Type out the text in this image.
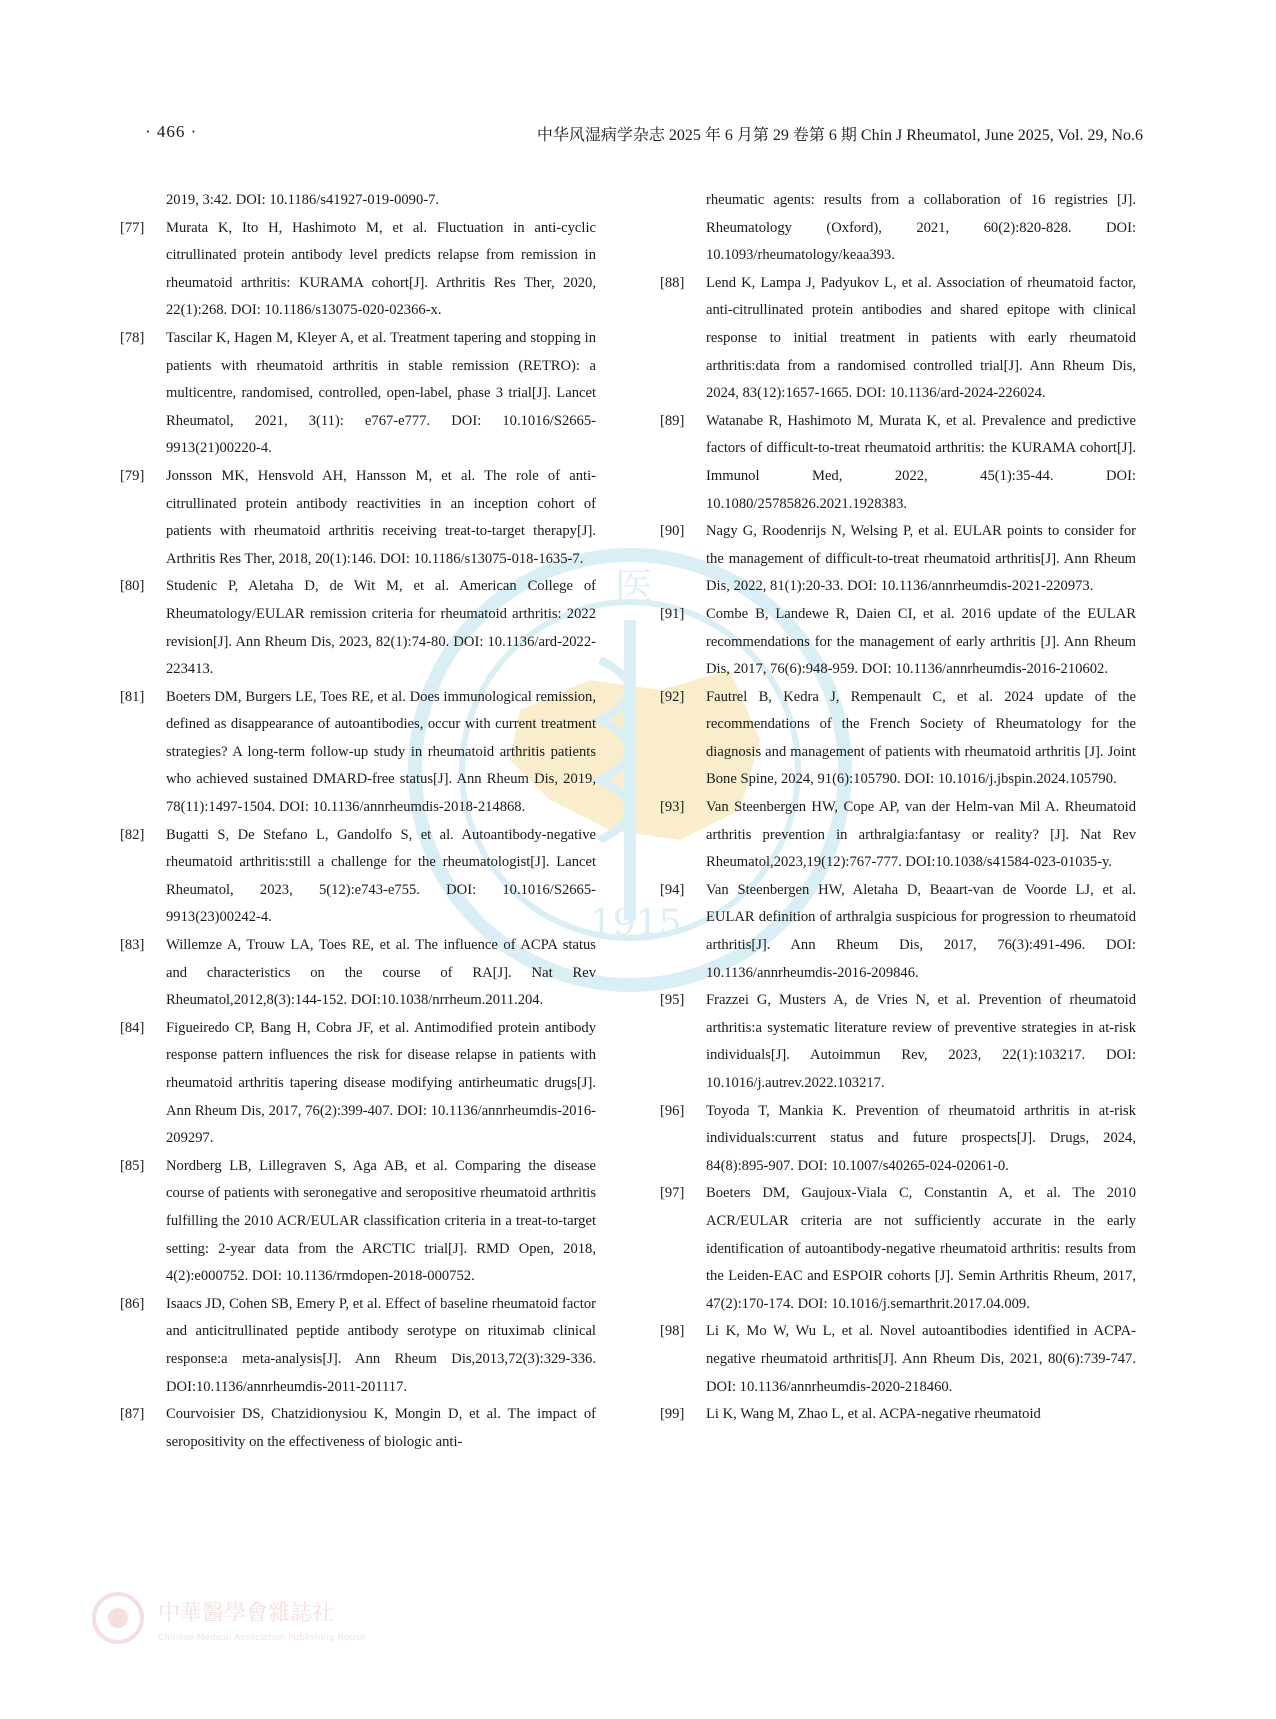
医
1915
· 466 ·	中华风湿病学杂志 2025 年 6 月第 29 卷第 6 期 Chin J Rheumatol, June 2025, Vol. 29, No.6

2019, 3:42. DOI: 10.1186/s41927-019-0090-7.

[77] Murata K, Ito H, Hashimoto M, et al. Fluctuation in anti-cyclic citrullinated protein antibody level predicts relapse from remission in rheumatoid arthritis: KURAMA cohort[J]. Arthritis Res Ther, 2020, 22(1):268. DOI: 10.1186/s13075-020-02366-x.

[78] Tascilar K, Hagen M, Kleyer A, et al. Treatment tapering and stopping in patients with rheumatoid arthritis in stable remission (RETRO): a multicentre, randomised, controlled, open-label, phase 3 trial[J]. Lancet Rheumatol, 2021, 3(11): e767-e777. DOI: 10.1016/S2665-9913(21)00220-4.

[79] Jonsson MK, Hensvold AH, Hansson M, et al. The role of anti-citrullinated protein antibody reactivities in an inception cohort of patients with rheumatoid arthritis receiving treat-to-target therapy[J]. Arthritis Res Ther, 2018, 20(1):146. DOI: 10.1186/s13075-018-1635-7.

[80] Studenic P, Aletaha D, de Wit M, et al. American College of Rheumatology/EULAR remission criteria for rheumatoid arthritis: 2022 revision[J]. Ann Rheum Dis, 2023, 82(1):74-80. DOI: 10.1136/ard-2022-223413.

[81] Boeters DM, Burgers LE, Toes RE, et al. Does immunological remission, defined as disappearance of autoantibodies, occur with current treatment strategies? A long-term follow-up study in rheumatoid arthritis patients who achieved sustained DMARD-free status[J]. Ann Rheum Dis, 2019, 78(11):1497-1504. DOI: 10.1136/annrheumdis-2018-214868.

[82] Bugatti S, De Stefano L, Gandolfo S, et al. Autoantibody-negative rheumatoid arthritis:still a challenge for the rheumatologist[J]. Lancet Rheumatol, 2023, 5(12):e743-e755. DOI: 10.1016/S2665-9913(23)00242-4.

[83] Willemze A, Trouw LA, Toes RE, et al. The influence of ACPA status and characteristics on the course of RA[J]. Nat Rev Rheumatol,2012,8(3):144-152. DOI:10.1038/nrrheum.2011.204.

[84] Figueiredo CP, Bang H, Cobra JF, et al. Antimodified protein antibody response pattern influences the risk for disease relapse in patients with rheumatoid arthritis tapering disease modifying antirheumatic drugs[J]. Ann Rheum Dis, 2017, 76(2):399-407. DOI: 10.1136/annrheumdis-2016-209297.

[85] Nordberg LB, Lillegraven S, Aga AB, et al. Comparing the disease course of patients with seronegative and seropositive rheumatoid arthritis fulfilling the 2010 ACR/EULAR classification criteria in a treat-to-target setting: 2-year data from the ARCTIC trial[J]. RMD Open, 2018, 4(2):e000752. DOI: 10.1136/rmdopen-2018-000752.

[86] Isaacs JD, Cohen SB, Emery P, et al. Effect of baseline rheumatoid factor and anticitrullinated peptide antibody serotype on rituximab clinical response:a meta-analysis[J]. Ann Rheum Dis,2013,72(3):329-336. DOI:10.1136/annrheumdis-2011-201117.

[87] Courvoisier DS, Chatzidionysiou K, Mongin D, et al. The impact of seropositivity on the effectiveness of biologic anti-

rheumatic agents: results from a collaboration of 16 registries [J]. Rheumatology (Oxford), 2021, 60(2):820-828. DOI: 10.1093/rheumatology/keaa393.

[88] Lend K, Lampa J, Padyukov L, et al. Association of rheumatoid factor, anti-citrullinated protein antibodies and shared epitope with clinical response to initial treatment in patients with early rheumatoid arthritis:data from a randomised controlled trial[J]. Ann Rheum Dis, 2024, 83(12):1657-1665. DOI: 10.1136/ard-2024-226024.

[89] Watanabe R, Hashimoto M, Murata K, et al. Prevalence and predictive factors of difficult-to-treat rheumatoid arthritis: the KURAMA cohort[J]. Immunol Med, 2022, 45(1):35-44. DOI: 10.1080/25785826.2021.1928383.

[90] Nagy G, Roodenrijs N, Welsing P, et al. EULAR points to consider for the management of difficult-to-treat rheumatoid arthritis[J]. Ann Rheum Dis, 2022, 81(1):20-33. DOI: 10.1136/annrheumdis-2021-220973.

[91] Combe B, Landewe R, Daien CI, et al. 2016 update of the EULAR recommendations for the management of early arthritis [J]. Ann Rheum Dis, 2017, 76(6):948-959. DOI: 10.1136/annrheumdis-2016-210602.

[92] Fautrel B, Kedra J, Rempenault C, et al. 2024 update of the recommendations of the French Society of Rheumatology for the diagnosis and management of patients with rheumatoid arthritis [J]. Joint Bone Spine, 2024, 91(6):105790. DOI: 10.1016/j.jbspin.2024.105790.

[93] Van Steenbergen HW, Cope AP, van der Helm-van Mil A. Rheumatoid arthritis prevention in arthralgia:fantasy or reality? [J]. Nat Rev Rheumatol,2023,19(12):767-777. DOI:10.1038/s41584-023-01035-y.

[94] Van Steenbergen HW, Aletaha D, Beaart-van de Voorde LJ, et al. EULAR definition of arthralgia suspicious for progression to rheumatoid arthritis[J]. Ann Rheum Dis, 2017, 76(3):491-496. DOI: 10.1136/annrheumdis-2016-209846.

[95] Frazzei G, Musters A, de Vries N, et al. Prevention of rheumatoid arthritis:a systematic literature review of preventive strategies in at-risk individuals[J]. Autoimmun Rev, 2023, 22(1):103217. DOI: 10.1016/j.autrev.2022.103217.

[96] Toyoda T, Mankia K. Prevention of rheumatoid arthritis in at-risk individuals:current status and future prospects[J]. Drugs, 2024, 84(8):895-907. DOI: 10.1007/s40265-024-02061-0.

[97] Boeters DM, Gaujoux-Viala C, Constantin A, et al. The 2010 ACR/EULAR criteria are not sufficiently accurate in the early identification of autoantibody-negative rheumatoid arthritis: results from the Leiden-EAC and ESPOIR cohorts [J]. Semin Arthritis Rheum, 2017, 47(2):170-174. DOI: 10.1016/j.semarthrit.2017.04.009.

[98] Li K, Mo W, Wu L, et al. Novel autoantibodies identified in ACPA-negative rheumatoid arthritis[J]. Ann Rheum Dis, 2021, 80(6):739-747. DOI: 10.1136/annrheumdis-2020-218460.

[99] Li K, Wang M, Zhao L, et al. ACPA-negative rheumatoid

中華醫學會雜誌社
Chinese Medical Association Publishing House
